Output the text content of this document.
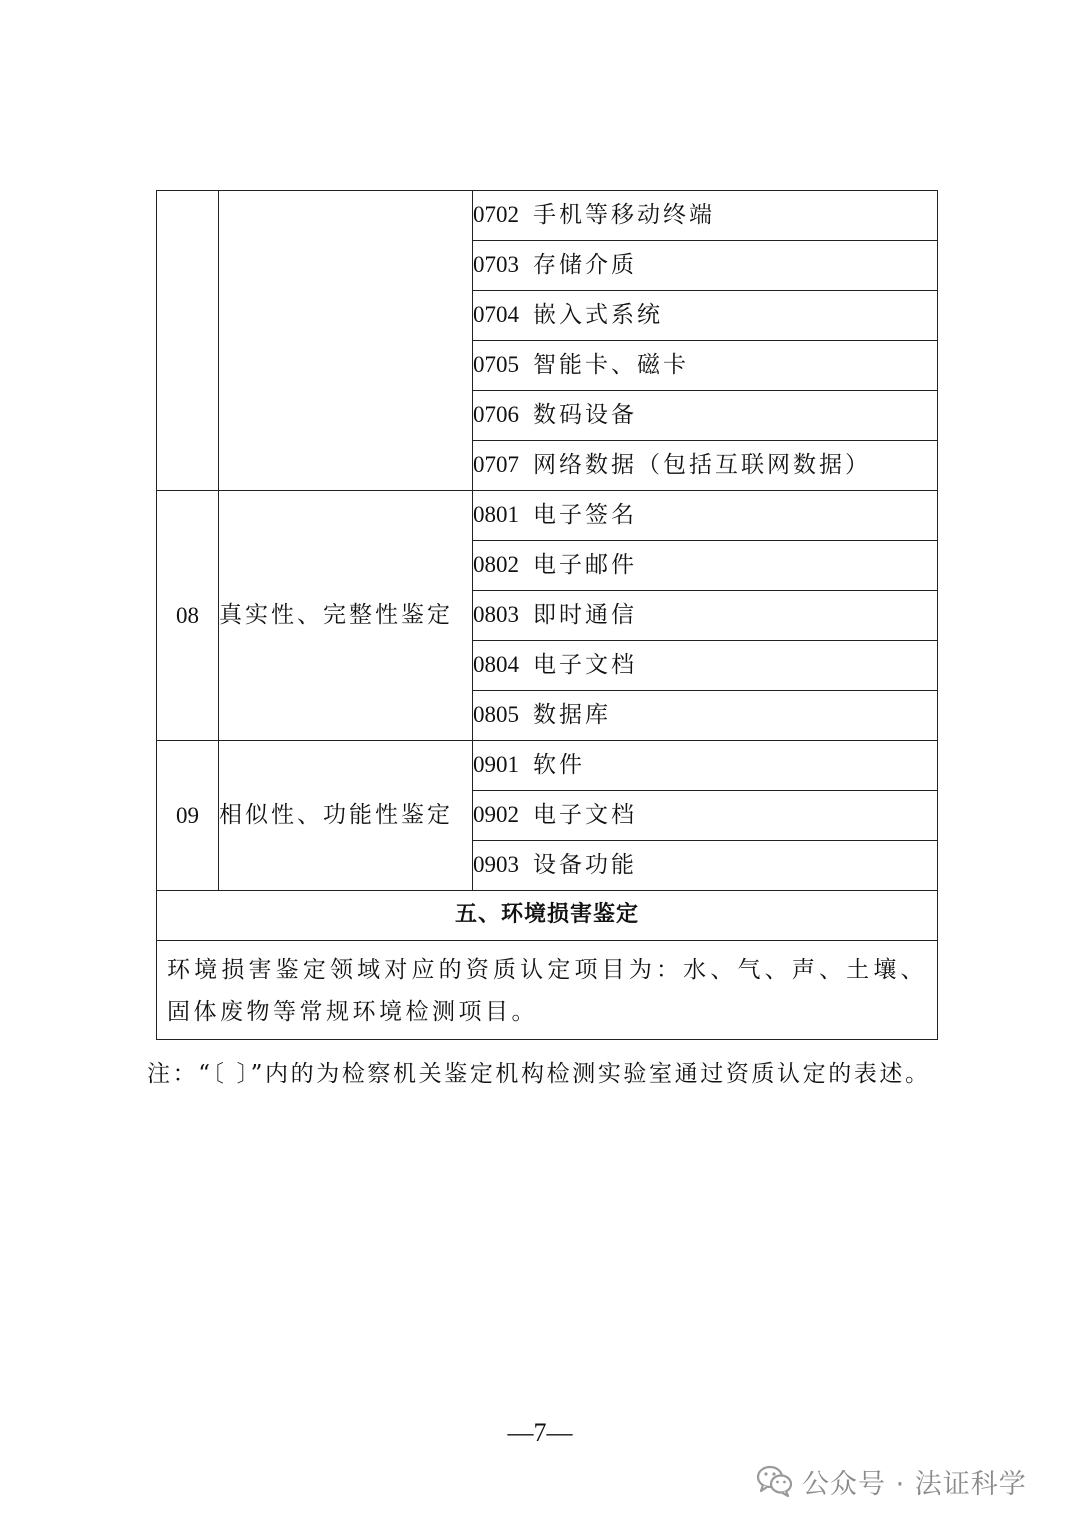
		0702 手机等移动终端
		0703 存储介质
		0704 嵌入式系统
		0705 智能卡、磁卡
		0706 数码设备
		0707 网络数据（包括互联网数据）
08	真实性、完整性鉴定	0801 电子签名
		0802 电子邮件
		0803 即时通信
		0804 电子文档
		0805 数据库
09	相似性、功能性鉴定	0901 软件
		0902 电子文档
		0903 设备功能
五、环境损害鉴定		
环境损害鉴定领域对应的资质认定项目为：水、气、声、土壤、固体废物等常规环境检测项目。		
注：“〔 〕”内的为检察机关鉴定机构检测实验室通过资质认定的表述。
—7—
公众号 · 法证科学
